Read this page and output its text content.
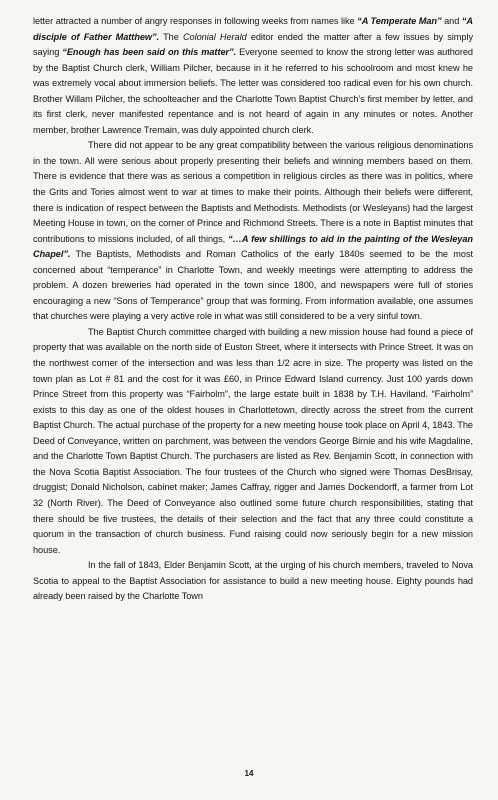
letter attracted a number of angry responses in following weeks from names like “A Temperate Man” and “A disciple of Father Matthew”. The Colonial Herald editor ended the matter after a few issues by simply saying “Enough has been said on this matter”. Everyone seemed to know the strong letter was authored by the Baptist Church clerk, William Pilcher, because in it he referred to his schoolroom and most knew he was extremely vocal about immersion beliefs. The letter was considered too radical even for his own church. Brother Willam Pilcher, the schoolteacher and the Charlotte Town Baptist Church’s first member by letter, and its first clerk, never manifested repentance and is not heard of again in any minutes or notes. Another member, brother Lawrence Tremain, was duly appointed church clerk.

There did not appear to be any great compatibility between the various religious denominations in the town. All were serious about properly presenting their beliefs and winning members based on them. There is evidence that there was as serious a competition in religious circles as there was in politics, where the Grits and Tories almost went to war at times to make their points. Although their beliefs were different, there is indication of respect between the Baptists and Methodists. Methodists (or Wesleyans) had the largest Meeting House in town, on the corner of Prince and Richmond Streets. There is a note in Baptist minutes that contributions to missions included, of all things, “…A few shillings to aid in the painting of the Wesleyan Chapel”. The Baptists, Methodists and Roman Catholics of the early 1840s seemed to be the most concerned about “temperance” in Charlotte Town, and weekly meetings were attempting to address the problem. A dozen breweries had operated in the town since 1800, and newspapers were full of stories encouraging a new “Sons of Temperance” group that was forming. From information available, one assumes that churches were playing a very active role in what was still considered to be a very sinful town.

The Baptist Church committee charged with building a new mission house had found a piece of property that was available on the north side of Euston Street, where it intersects with Prince Street. It was on the northwest corner of the intersection and was less than 1/2 acre in size. The property was listed on the town plan as Lot # 81 and the cost for it was £60, in Prince Edward Island currency. Just 100 yards down Prince Street from this property was “Fairholm”, the large estate built in 1838 by T.H. Haviland. “Fairholm” exists to this day as one of the oldest houses in Charlottetown, directly across the street from the current Baptist Church. The actual purchase of the property for a new meeting house took place on April 4, 1843. The Deed of Conveyance, written on parchment, was between the vendors George Birnie and his wife Magdaline, and the Charlotte Town Baptist Church. The purchasers are listed as Rev. Benjamin Scott, in connection with the Nova Scotia Baptist Association. The four trustees of the Church who signed were Thomas DesBrisay, druggist; Donald Nicholson, cabinet maker; James Caffray, rigger and James Dockendorff, a farmer from Lot 32 (North River). The Deed of Conveyance also outlined some future church responsibilities, stating that there should be five trustees, the details of their selection and the fact that any three could constitute a quorum in the transaction of church business. Fund raising could now seriously begin for a new mission house.

In the fall of 1843, Elder Benjamin Scott, at the urging of his church members, traveled to Nova Scotia to appeal to the Baptist Association for assistance to build a new meeting house. Eighty pounds had already been raised by the Charlotte Town

14
